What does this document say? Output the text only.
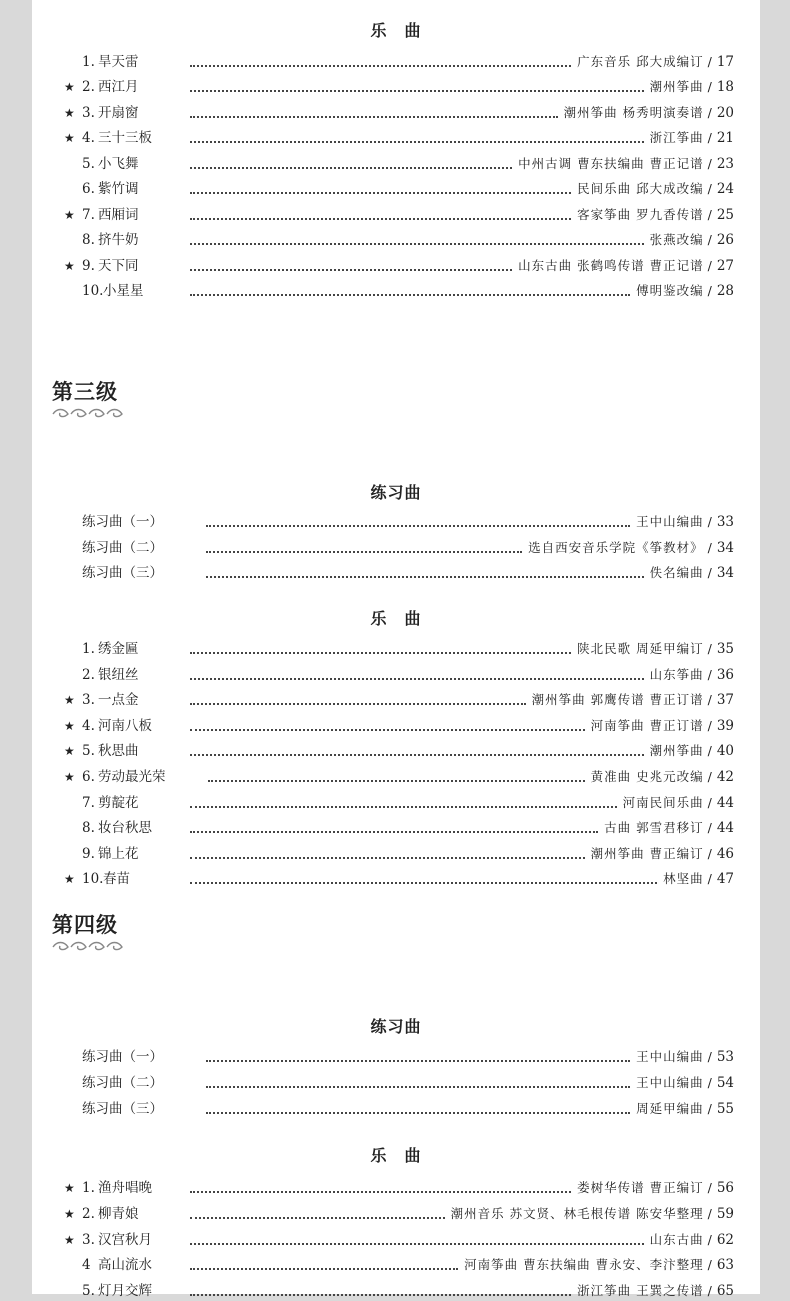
乐　曲
1. 旱天雷	广东音乐 邱大成编订 / 17
★ 2. 西江月	潮州筝曲 / 18
★ 3. 开扇窗	潮州筝曲 杨秀明演奏谱 / 20
★ 4. 三十三板	浙江筝曲 / 21
5. 小飞舞	中州古调 曹东扶编曲 曹正记谱 / 23
6. 紫竹调	民间乐曲 邱大成改编 / 24
★ 7. 西厢词	客家筝曲 罗九香传谱 / 25
8. 挤牛奶	张燕改编 / 26
★ 9. 天下同	山东古曲 张鹤鸣传谱 曹正记谱 / 27
10. 小星星	傅明鉴改编 / 28
第三级
练习曲
练习曲（一）	王中山编曲 / 33
练习曲（二）	选自西安音乐学院《筝教材》 / 34
练习曲（三）	佚名编曲 / 34
乐　曲
1. 绣金匾	陕北民歌 周延甲编订 / 35
2. 银纽丝	山东筝曲 / 36
★ 3. 一点金	潮州筝曲 郭鹰传谱 曹正订谱 / 37
★ 4. 河南八板	河南筝曲 曹正订谱 / 39
★ 5. 秋思曲	潮州筝曲 / 40
★ 6. 劳动最光荣	黄准曲 史兆元改编 / 42
7. 剪靛花	河南民间乐曲 / 44
8. 妆台秋思	古曲 郭雪君移订 / 44
9. 锦上花	潮州筝曲 曹正编订 / 46
★ 10. 春苗	林坚曲 / 47
第四级
练习曲
练习曲（一）	王中山编曲 / 53
练习曲（二）	王中山编曲 / 54
练习曲（三）	周延甲编曲 / 55
乐　曲
★ 1. 渔舟唱晚	娄树华传谱 曹正编订 / 56
★ 2. 柳青娘	潮州音乐 苏文贤、林毛根传谱 陈安华整理 / 59
★ 3. 汉宫秋月	山东古曲 / 62
4 高山流水	河南筝曲 曹东扶编曲 曹永安、李汴整理 / 63
5. 灯月交辉	浙江筝曲 王巽之传谱 / 65
